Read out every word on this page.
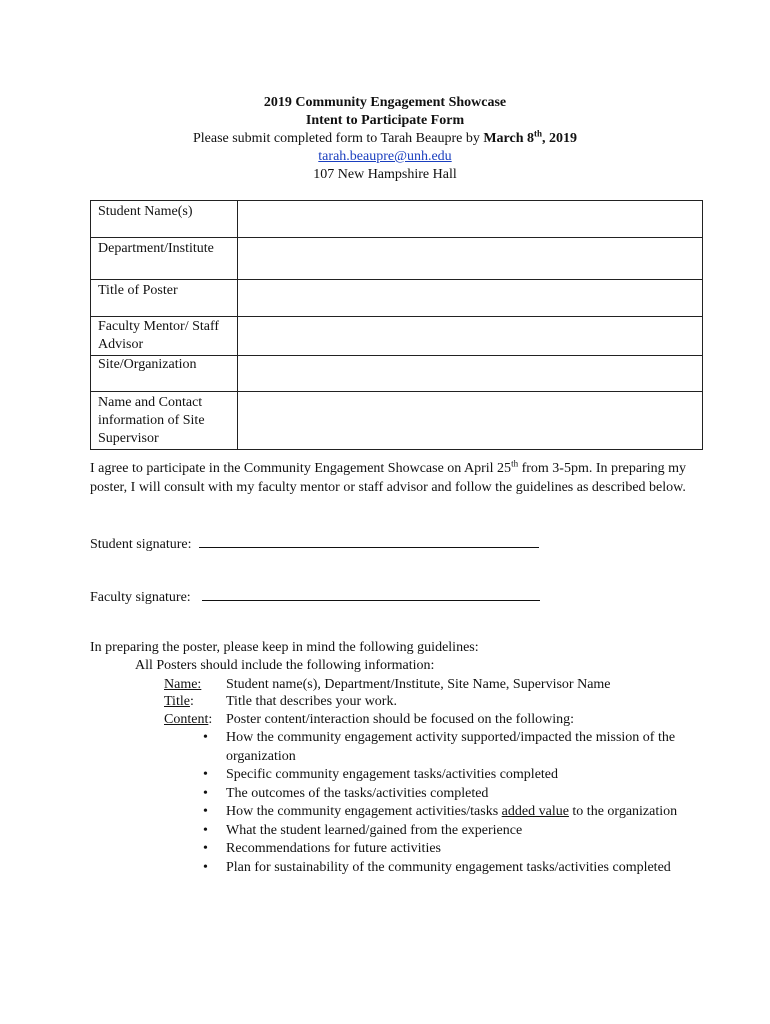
2019 Community Engagement Showcase
Intent to Participate Form
Please submit completed form to Tarah Beaupre by March 8th, 2019
tarah.beaupre@unh.edu
107 New Hampshire Hall
Student Name(s)	
Department/Institute	
Title of Poster	
Faculty Mentor/ Staff Advisor	
Site/Organization	
Name and Contact information of Site Supervisor	
I agree to participate in the Community Engagement Showcase on April 25th from 3-5pm. In preparing my poster, I will consult with my faculty mentor or staff advisor and follow the guidelines as described below.
Student signature:
Faculty signature:
In preparing the poster, please keep in mind the following guidelines:
All Posters should include the following information:
Name: Student name(s), Department/Institute, Site Name, Supervisor Name
Title: Title that describes your work.
Content: Poster content/interaction should be focused on the following:
• How the community engagement activity supported/impacted the mission of the organization
• Specific community engagement tasks/activities completed
• The outcomes of the tasks/activities completed
• How the community engagement activities/tasks added value to the organization
• What the student learned/gained from the experience
• Recommendations for future activities
• Plan for sustainability of the community engagement tasks/activities completed
